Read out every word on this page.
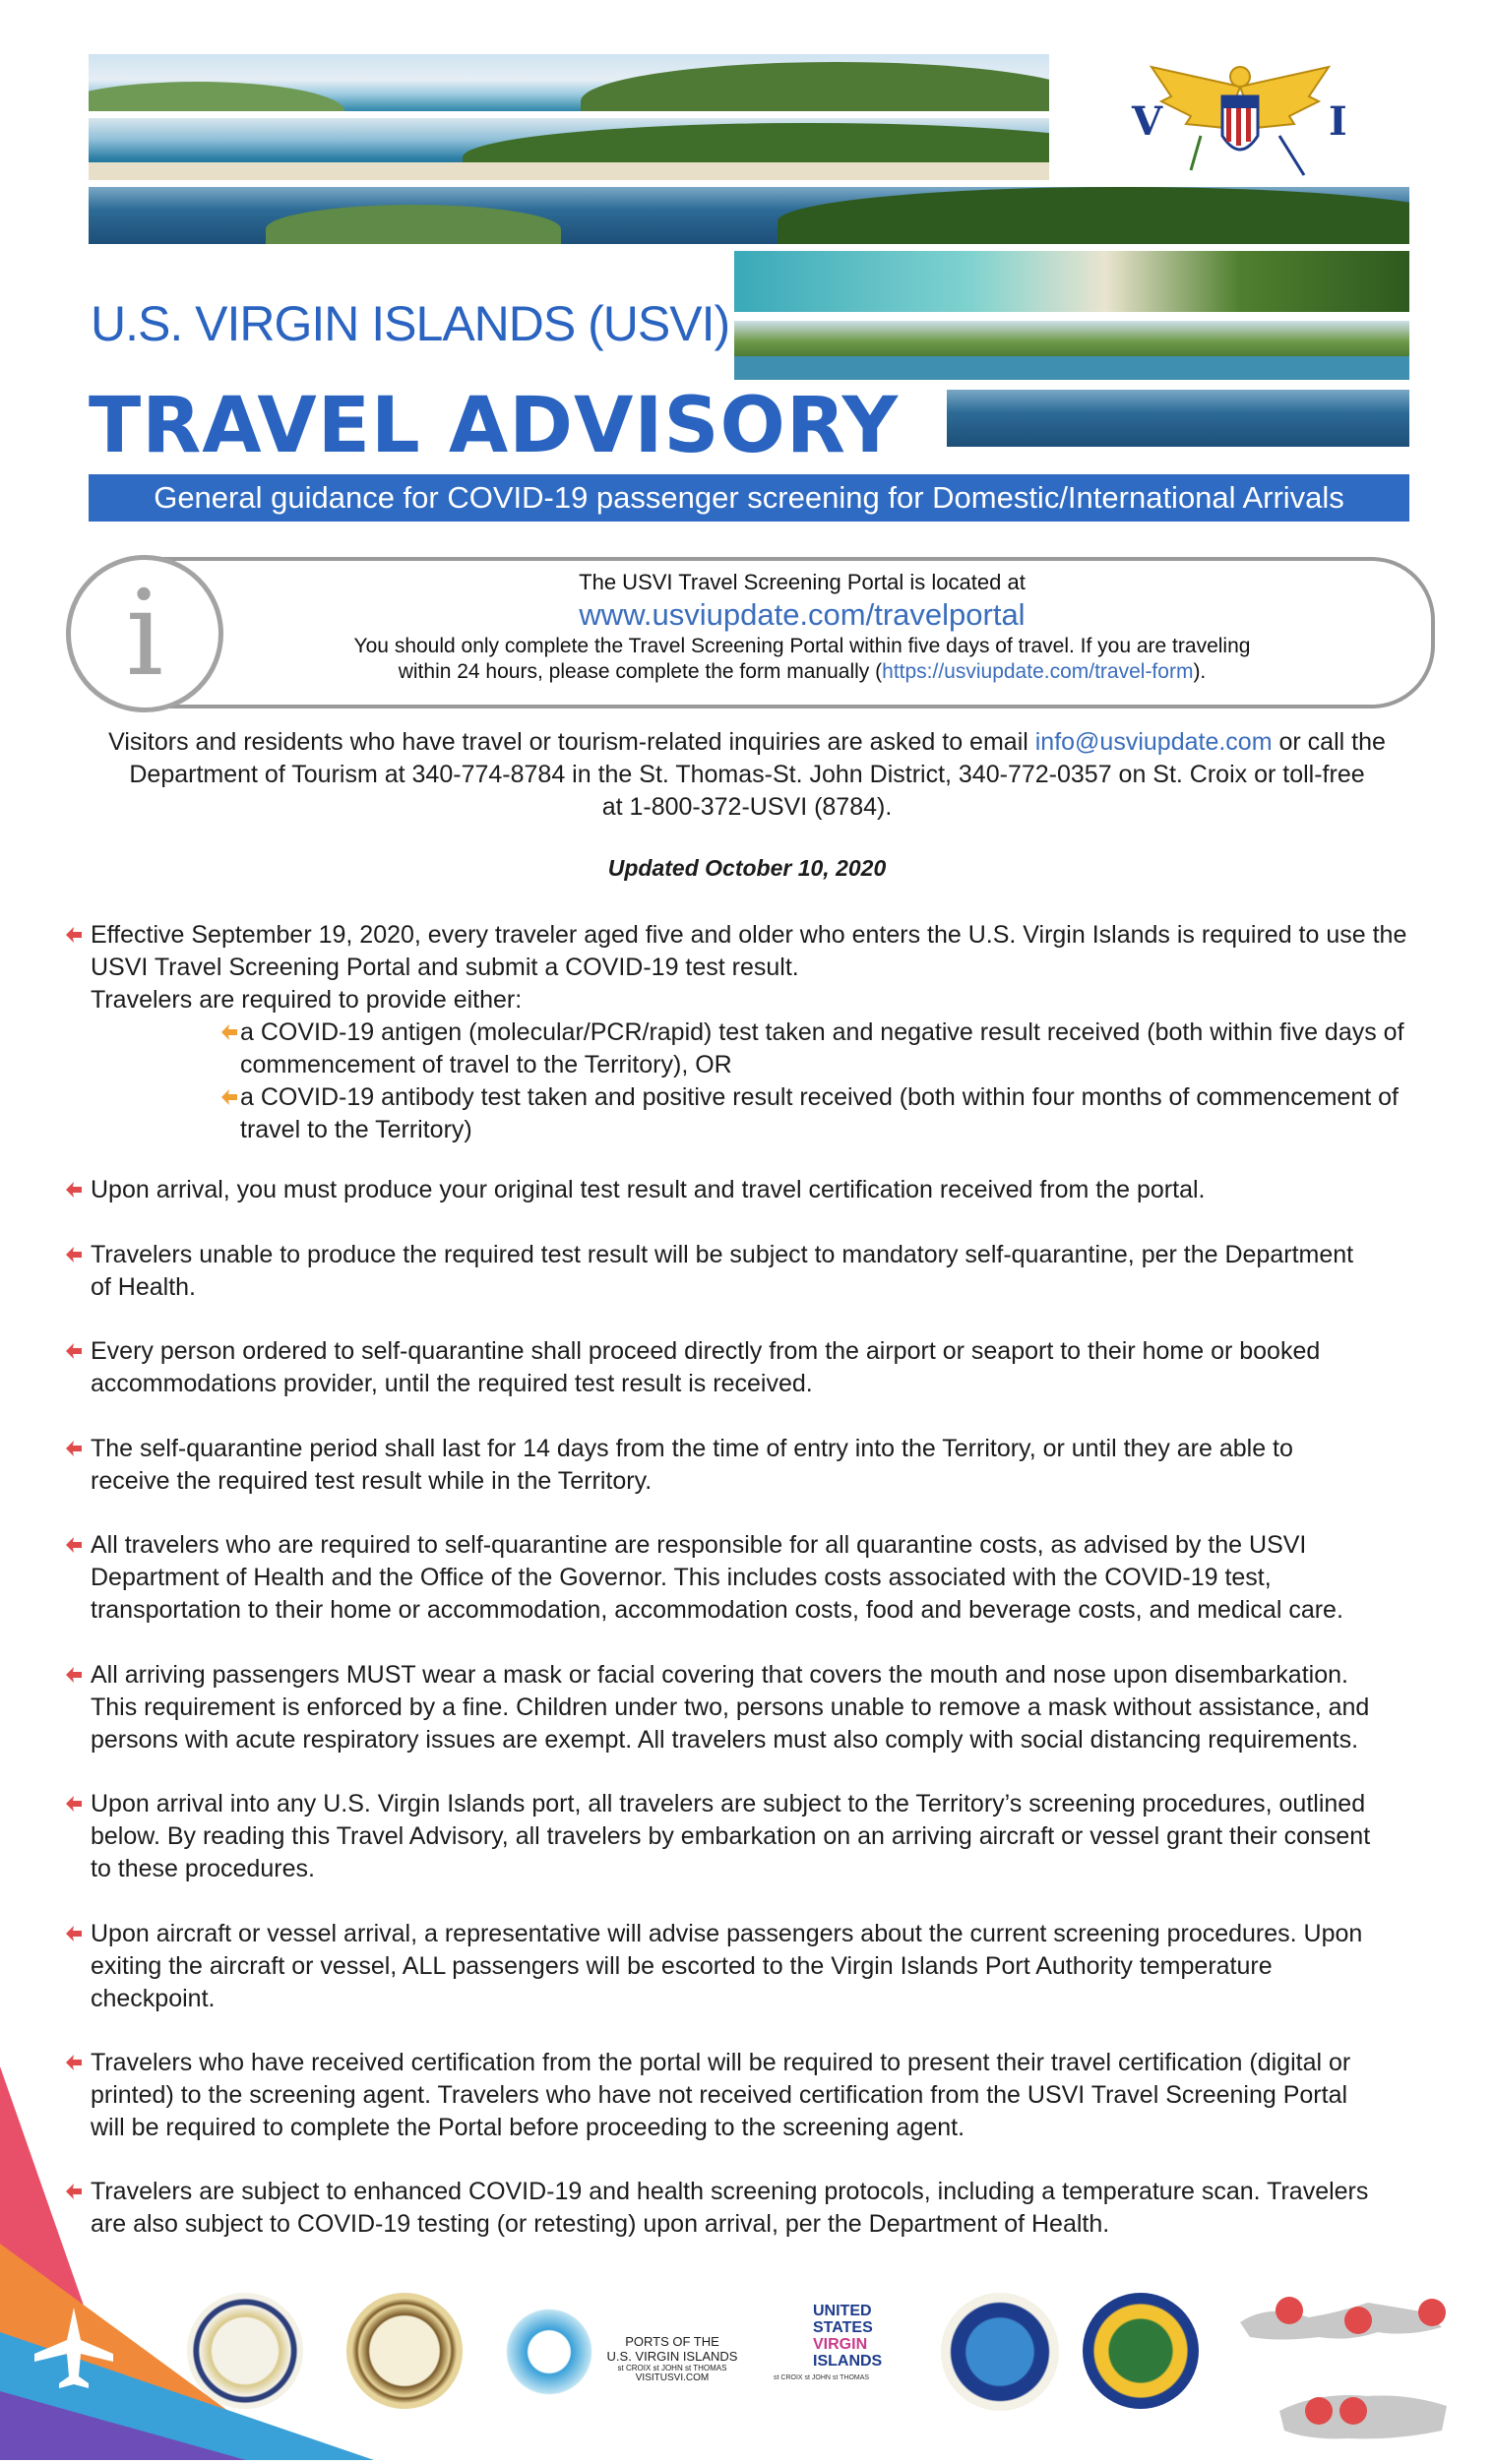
V	I
U.S. VIRGIN ISLANDS (USVI)
TRAVEL ADVISORY
General guidance for COVID-19 passenger screening for Domestic/International Arrivals
i	The USVI Travel Screening Portal is located at
www.usviupdate.com/travelportal
You should only complete the Travel Screening Portal within five days of travel. If you are traveling
within 24 hours, please complete the form manually (https://usviupdate.com/travel-form).
Visitors and residents who have travel or tourism-related inquiries are asked to email info@usviupdate.com or call the
Department of Tourism at 340-774-8784 in the St. Thomas-St. John District, 340-772-0357 on St. Croix or toll-free
at 1-800-372-USVI (8784).
Updated October 10, 2020
Effective September 19, 2020, every traveler aged five and older who enters the U.S. Virgin Islands is required to use the
USVI Travel Screening Portal and submit a COVID-19 test result.
Travelers are required to provide either:
a COVID-19 antigen (molecular/PCR/rapid) test taken and negative result received (both within five days of
commencement of travel to the Territory), OR
a COVID-19 antibody test taken and positive result received (both within four months of commencement of
travel to the Territory)
Upon arrival, you must produce your original test result and travel certification received from the portal.
Travelers unable to produce the required test result will be subject to mandatory self-quarantine, per the Department
of Health.
Every person ordered to self-quarantine shall proceed directly from the airport or seaport to their home or booked
accommodations provider, until the required test result is received.
The self-quarantine period shall last for 14 days from the time of entry into the Territory, or until they are able to
receive the required test result while in the Territory.
All travelers who are required to self-quarantine are responsible for all quarantine costs, as advised by the USVI
Department of Health and the Office of the Governor. This includes costs associated with the COVID-19 test,
transportation to their home or accommodation, accommodation costs, food and beverage costs, and medical care.
All arriving passengers MUST wear a mask or facial covering that covers the mouth and nose upon disembarkation.
This requirement is enforced by a fine. Children under two, persons unable to remove a mask without assistance, and
persons with acute respiratory issues are exempt. All travelers must also comply with social distancing requirements.
Upon arrival into any U.S. Virgin Islands port, all travelers are subject to the Territory’s screening procedures, outlined
below. By reading this Travel Advisory, all travelers by embarkation on an arriving aircraft or vessel grant their consent
to these procedures.
Upon aircraft or vessel arrival, a representative will advise passengers about the current screening procedures. Upon
exiting the aircraft or vessel, ALL passengers will be escorted to the Virgin Islands Port Authority temperature
checkpoint.
Travelers who have received certification from the portal will be required to present their travel certification (digital or
printed) to the screening agent. Travelers who have not received certification from the USVI Travel Screening Portal
will be required to complete the Portal before proceeding to the screening agent.
Travelers are subject to enhanced COVID-19 and health screening protocols, including a temperature scan. Travelers
are also subject to COVID-19 testing (or retesting) upon arrival, per the Department of Health.
PORTS OF THE
U.S. VIRGIN ISLANDS
st CROIX st JOHN st THOMAS
VISITUSVI.COM
UNITED
STATES
VIRGIN
ISLANDS
st CROIX st JOHN st THOMAS
